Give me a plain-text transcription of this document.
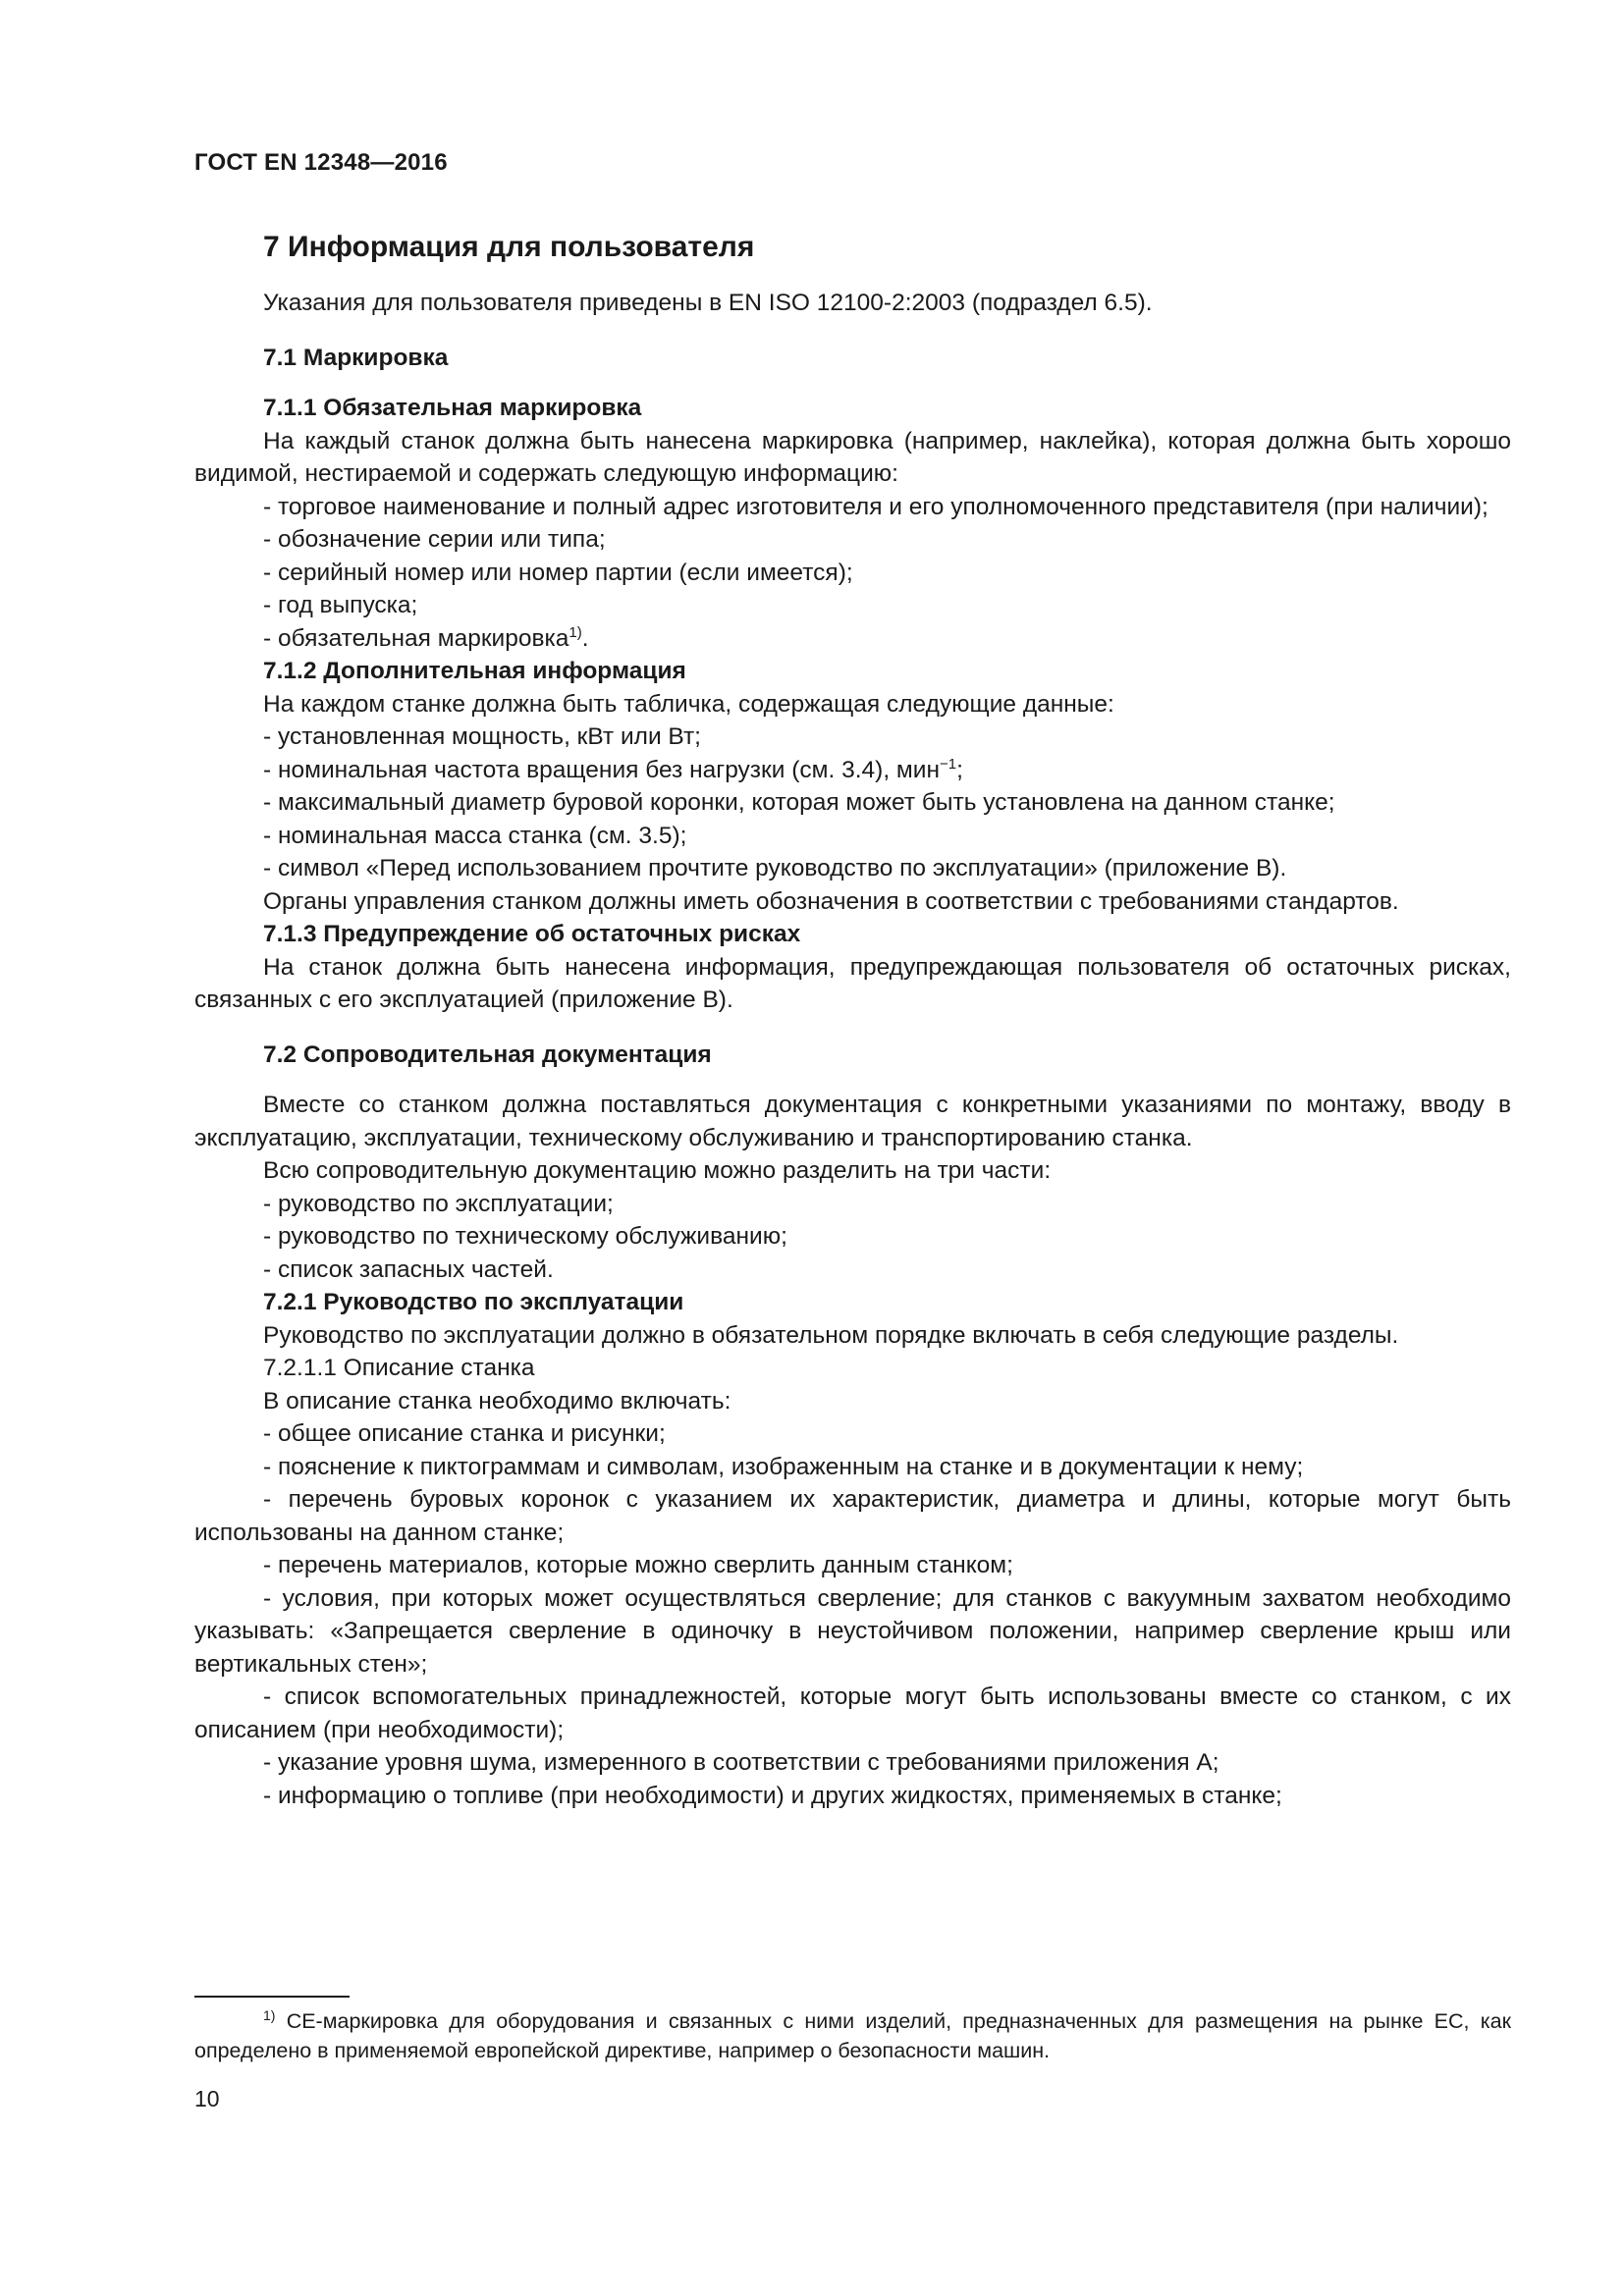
ГОСТ EN 12348—2016

7 Информация для пользователя

Указания для пользователя приведены в EN ISO 12100-2:2003 (подраздел 6.5).

7.1 Маркировка

7.1.1 Обязательная маркировка

На каждый станок должна быть нанесена маркировка (например, наклейка), которая должна быть хорошо видимой, нестираемой и содержать следующую информацию:

- торговое наименование и полный адрес изготовителя и его уполномоченного представителя (при наличии);

- обозначение серии или типа;

- серийный номер или номер партии (если имеется);

- год выпуска;

- обязательная маркировка$^{1)}$.

7.1.2 Дополнительная информация

На каждом станке должна быть табличка, содержащая следующие данные:

- установленная мощность, кВт или Вт;

- номинальная частота вращения без нагрузки (см. 3.4), мин$^{-1}$;

- максимальный диаметр буровой коронки, которая может быть установлена на данном станке;

- номинальная масса станка (см. 3.5);

- символ «Перед использованием прочтите руководство по эксплуатации» (приложение В).

Органы управления станком должны иметь обозначения в соответствии с требованиями стандартов.

7.1.3 Предупреждение об остаточных рисках

На станок должна быть нанесена информация, предупреждающая пользователя об остаточных рисках, связанных с его эксплуатацией (приложение В).

7.2 Сопроводительная документация

Вместе со станком должна поставляться документация с конкретными указаниями по монтажу, вводу в эксплуатацию, эксплуатации, техническому обслуживанию и транспортированию станка.

Всю сопроводительную документацию можно разделить на три части:

- руководство по эксплуатации;

- руководство по техническому обслуживанию;

- список запасных частей.

7.2.1 Руководство по эксплуатации

Руководство по эксплуатации должно в обязательном порядке включать в себя следующие разделы.

7.2.1.1 Описание станка

В описание станка необходимо включать:

- общее описание станка и рисунки;

- пояснение к пиктограммам и символам, изображенным на станке и в документации к нему;

- перечень буровых коронок с указанием их характеристик, диаметра и длины, которые могут быть использованы на данном станке;

- перечень материалов, которые можно сверлить данным станком;

- условия, при которых может осуществляться сверление; для станков с вакуумным захватом необходимо указывать: «Запрещается сверление в одиночку в неустойчивом положении, например сверление крыш или вертикальных стен»;

- список вспомогательных принадлежностей, которые могут быть использованы вместе со станком, с их описанием (при необходимости);

- указание уровня шума, измеренного в соответствии с требованиями приложения А;

- информацию о топливе (при необходимости) и других жидкостях, применяемых в станке;

$^{1)}$ CE-маркировка для оборудования и связанных с ними изделий, предназначенных для размещения на рынке ЕС, как определено в применяемой европейской директиве, например о безопасности машин.

10
